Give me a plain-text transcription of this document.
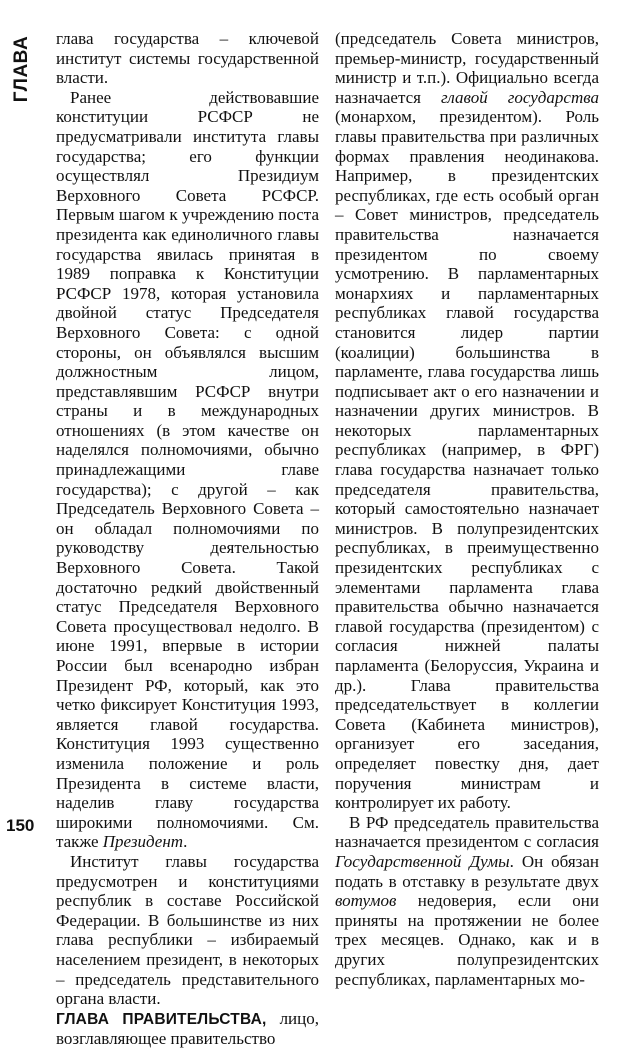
ГЛАВА глава государства – ключевой институт системы государственной власти.

Ранее действовавшие конституции РСФСР не предусматривали института главы государства; его функции осуществлял Президиум Верховного Совета РСФСР. Первым шагом к учреждению поста президента как единоличного главы государства явилась принятая в 1989 поправка к Конституции РСФСР 1978, которая установила двойной статус Председателя Верховного Совета: с одной стороны, он объявлялся высшим должностным лицом, представлявшим РСФСР внутри страны и в международных отношениях (в этом качестве он наделялся полномочиями, обычно принадлежащими главе государства); с другой – как Председатель Верховного Совета – он обладал полномочиями по руководству деятельностью Верховного Совета. Такой достаточно редкий двойственный статус Председателя Верховного Совета просуществовал недолго. В июне 1991, впервые в истории России был всенародно избран Президент РФ, который, как это четко фиксирует Конституция 1993, является главой государства. Конституция 1993 существенно изменила положение и роль Президента в системе власти, наделив главу государства широкими полномочиями. См. также Президент.

Институт главы государства предусмотрен и конституциями республик в составе Российской Федерации. В большинстве из них глава республики – избираемый населением президент, в некоторых – председатель представительного органа власти.

ГЛАВА ПРАВИТЕЛЬСТВА, лицо, возглавляющее правительство

(председатель Совета министров, премьер-министр, государственный министр и т.п.). Официально всегда назначается главой государства (монархом, президентом). Роль главы правительства при различных формах правления неодинакова. Например, в президентских республиках, где есть особый орган – Совет министров, председатель правительства назначается президентом по своему усмотрению. В парламентарных монархиях и парламентарных республиках главой государства становится лидер партии (коалиции) большинства в парламенте, глава государства лишь подписывает акт о его назначении и назначении других министров. В некоторых парламентарных республиках (например, в ФРГ) глава государства назначает только председателя правительства, который самостоятельно назначает министров. В полупрезидентских республиках, в преимущественно президентских республиках с элементами парламента глава правительства обычно назначается главой государства (президентом) с согласия нижней палаты парламента (Белоруссия, Украина и др.). Глава правительства председательствует в коллегии Совета (Кабинета министров), организует его заседания, определяет повестку дня, дает поручения министрам и контролирует их работу.

В РФ председатель правительства назначается президентом с согласия Государственной Думы. Он обязан подать в отставку в результате двух вотумов недоверия, если они приняты на протяжении не более трех месяцев. Однако, как и в других полупрезидентских республиках, парламентарных мо-

150
